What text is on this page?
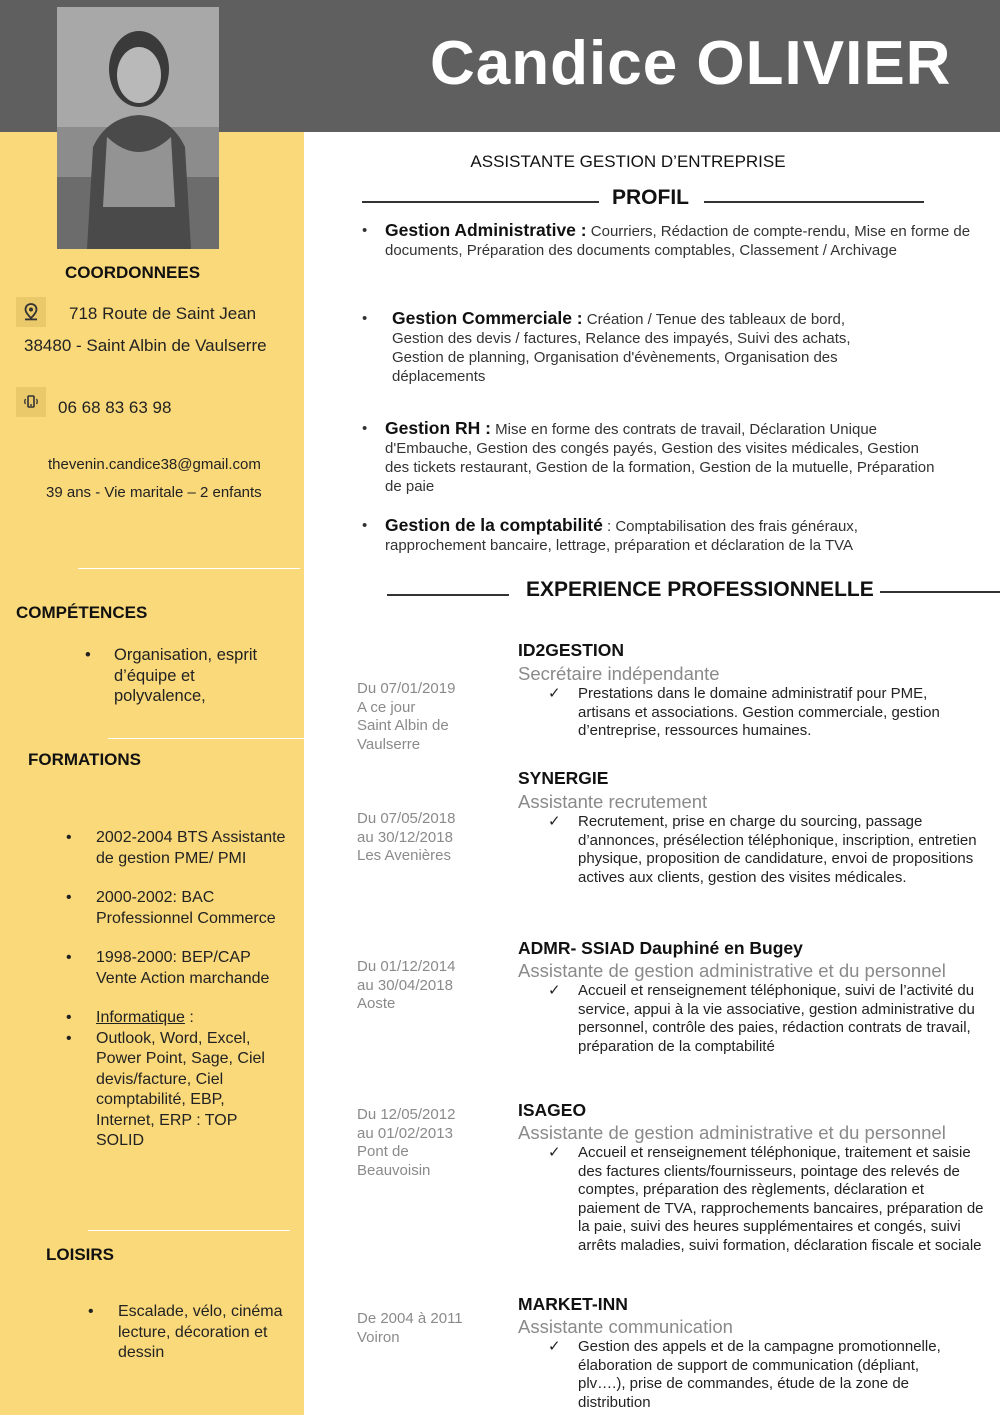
Candice OLIVIER
COORDONNEES
718 Route de Saint Jean
38480 - Saint Albin de Vaulserre
06 68 83 63 98
thevenin.candice38@gmail.com
39 ans - Vie maritale – 2 enfants
COMPÉTENCES
• Organisation, esprit d’équipe et polyvalence,
FORMATIONS
• 2002-2004 BTS Assistante de gestion PME/ PMI
• 2000-2002: BAC Professionnel Commerce
• 1998-2000: BEP/CAP Vente Action marchande
• Informatique :
• Outlook, Word, Excel, Power Point, Sage, Ciel devis/facture, Ciel comptabilité, EBP, Internet, ERP : TOP SOLID
LOISIRS
• Escalade, vélo, cinéma lecture, décoration et dessin
ASSISTANTE GESTION D’ENTREPRISE
PROFIL
•	Gestion Administrative : Courriers, Rédaction de compte-rendu, Mise en forme de documents, Préparation des documents comptables, Classement / Archivage
•	Gestion Commerciale : Création / Tenue des tableaux de bord, Gestion des devis / factures, Relance des impayés, Suivi des achats, Gestion de planning, Organisation d'évènements, Organisation des déplacements
•	Gestion RH : Mise en forme des contrats de travail, Déclaration Unique d'Embauche, Gestion des congés payés, Gestion des visites médicales, Gestion des tickets restaurant, Gestion de la formation, Gestion de la mutuelle, Préparation de paie
•	Gestion de la comptabilité : Comptabilisation des frais généraux, rapprochement bancaire, lettrage, préparation et déclaration de la TVA
EXPERIENCE PROFESSIONNELLE
ID2GESTION
Secrétaire indépendante
Du 07/01/2019
A ce jour
Saint Albin de
Vaulserre
✓	Prestations dans le domaine administratif pour PME, artisans et associations. Gestion commerciale, gestion d’entreprise, ressources humaines.
SYNERGIE
Assistante recrutement
Du 07/05/2018
au 30/12/2018
Les Avenières
✓	Recrutement, prise en charge du sourcing, passage d’annonces, présélection téléphonique, inscription, entretien physique, proposition de candidature, envoi de propositions actives aux clients, gestion des visites médicales.
ADMR- SSIAD Dauphiné en Bugey
Assistante de gestion administrative et du personnel
Du 01/12/2014
au 30/04/2018
Aoste
✓	Accueil et renseignement téléphonique, suivi de l’activité du service, appui à la vie associative, gestion administrative du personnel, contrôle des paies, rédaction contrats de travail, préparation de la comptabilité
ISAGEO
Assistante de gestion administrative et du personnel
Du 12/05/2012
au 01/02/2013
Pont de
Beauvoisin
✓	Accueil et renseignement téléphonique, traitement et saisie des factures clients/fournisseurs, pointage des relevés de comptes, préparation des règlements, déclaration et paiement de TVA, rapprochements bancaires, préparation de la paie, suivi des heures supplémentaires et congés, suivi arrêts maladies, suivi formation, déclaration fiscale et sociale
MARKET-INN
Assistante communication
De 2004 à 2011
Voiron
✓	Gestion des appels et de la campagne promotionnelle, élaboration de support de communication (dépliant, plv….), prise de commandes, étude de la zone de distribution
